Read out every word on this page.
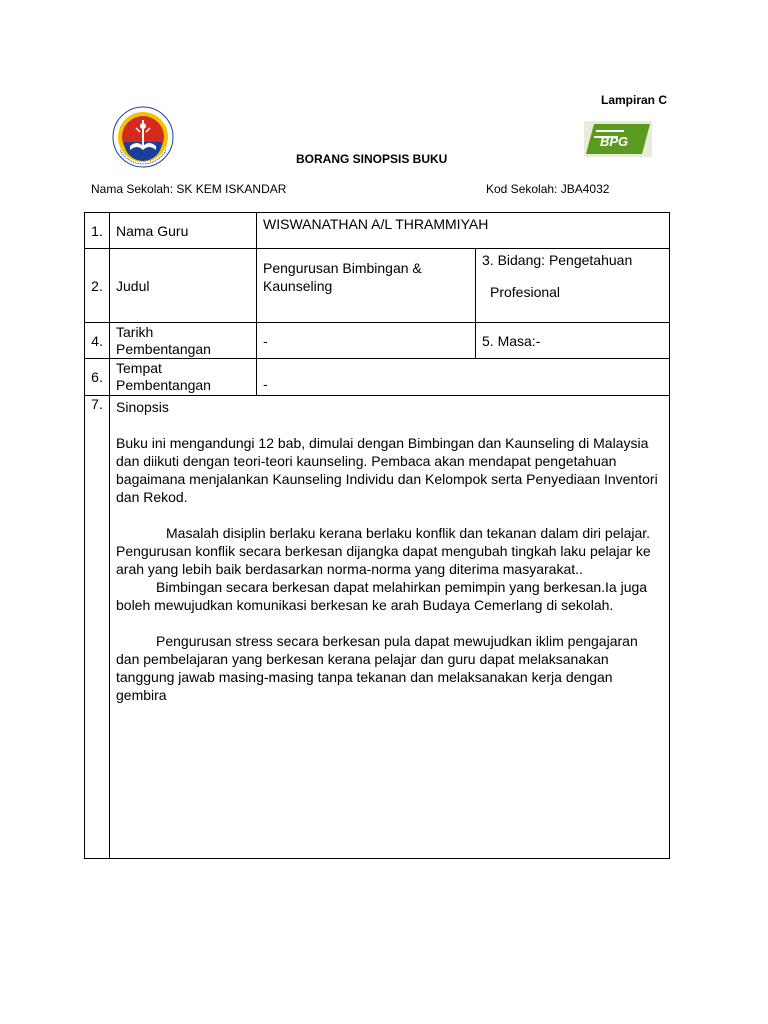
Lampiran C
BPG
BORANG SINOPSIS BUKU
Nama Sekolah: SK KEM ISKANDAR	Kod Sekolah: JBA4032
1.	Nama Guru	WISWANATHAN A/L THRAMMIYAH	

2.	Judul	Pengurusan Bimbingan & Kaunseling	3. Bidang: Pengetahuan
Profesional

4.	Tarikh
Pembentangan	-	5. Masa:-

6.	Tempat
Pembentangan	-	

7.	Sinopsis

Buku ini mengandungi 12 bab, dimulai dengan Bimbingan dan Kaunseling di Malaysia dan diikuti dengan teori-teori kaunseling. Pembaca akan mendapat pengetahuan bagaimana menjalankan Kaunseling Individu dan Kelompok serta Penyediaan Inventori dan Rekod.

Masalah disiplin berlaku kerana berlaku konflik dan tekanan dalam diri pelajar. Pengurusan konflik secara berkesan dijangka dapat mengubah tingkah laku pelajar ke arah yang lebih baik berdasarkan norma-norma yang diterima masyarakat..

Bimbingan secara berkesan dapat melahirkan pemimpin yang berkesan.Ia juga boleh mewujudkan komunikasi berkesan ke arah Budaya Cemerlang di sekolah.

Pengurusan stress secara berkesan pula dapat mewujudkan iklim pengajaran dan pembelajaran yang berkesan kerana pelajar dan guru dapat melaksanakan tanggung jawab masing-masing tanpa tekanan dan melaksanakan kerja dengan gembira		
